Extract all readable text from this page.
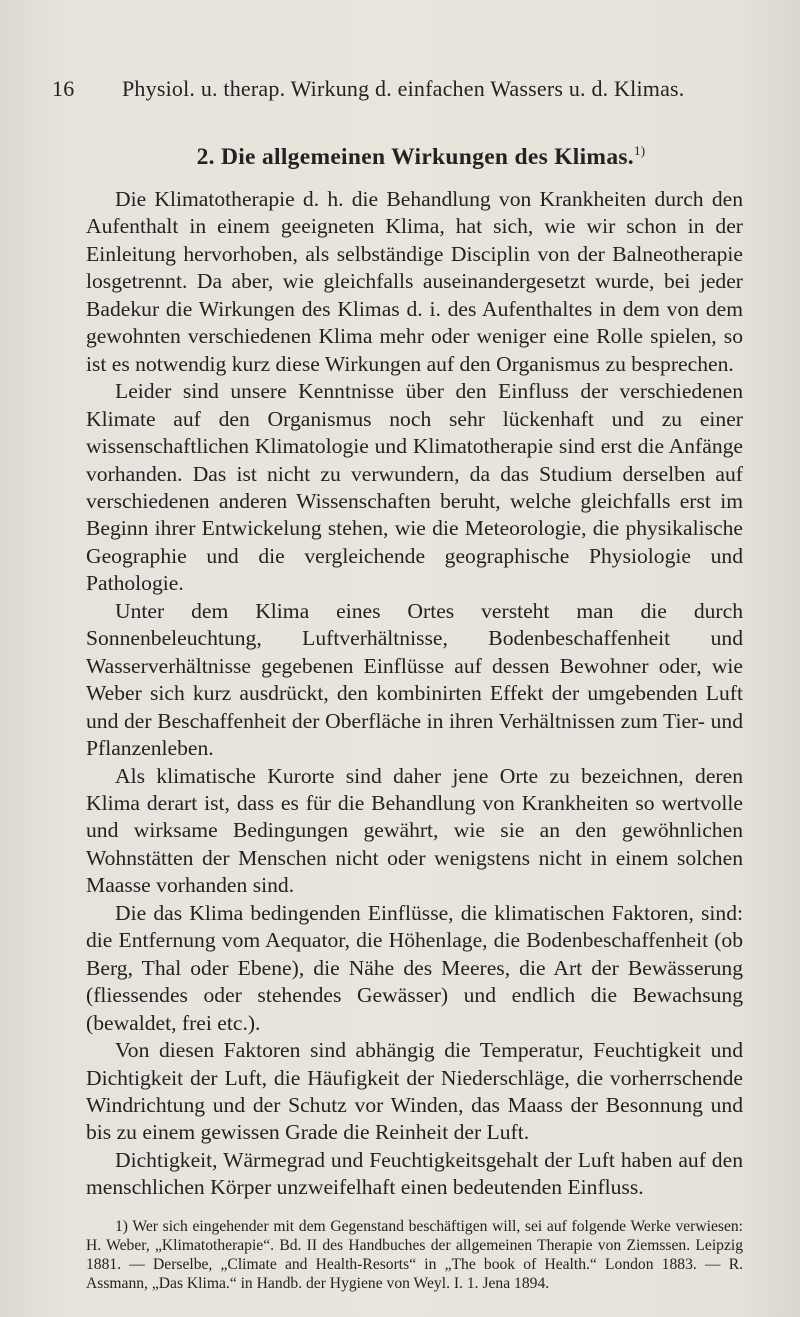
16 Physiol. u. therap. Wirkung d. einfachen Wassers u. d. Klimas.
2. Die allgemeinen Wirkungen des Klimas.$^{1)}$

Die Klimatotherapie d. h. die Behandlung von Krankheiten durch den Aufenthalt in einem geeigneten Klima, hat sich, wie wir schon in der Einleitung hervorhoben, als selbständige Disciplin von der Balneotherapie losgetrennt. Da aber, wie gleichfalls auseinandergesetzt wurde, bei jeder Badekur die Wirkungen des Klimas d. i. des Aufenthaltes in dem von dem gewohnten verschiedenen Klima mehr oder weniger eine Rolle spielen, so ist es notwendig kurz diese Wirkungen auf den Organismus zu besprechen.

Leider sind unsere Kenntnisse über den Einfluss der verschiedenen Klimate auf den Organismus noch sehr lückenhaft und zu einer wissenschaftlichen Klimatologie und Klimatotherapie sind erst die Anfänge vorhanden. Das ist nicht zu verwundern, da das Studium derselben auf verschiedenen anderen Wissenschaften beruht, welche gleichfalls erst im Beginn ihrer Entwickelung stehen, wie die Meteorologie, die physikalische Geographie und die vergleichende geographische Physiologie und Pathologie.

Unter dem Klima eines Ortes versteht man die durch Sonnenbeleuchtung, Luftverhältnisse, Bodenbeschaffenheit und Wasserverhältnisse gegebenen Einflüsse auf dessen Bewohner oder, wie Weber sich kurz ausdrückt, den kombinirten Effekt der umgebenden Luft und der Beschaffenheit der Oberfläche in ihren Verhältnissen zum Tier- und Pflanzenleben.

Als klimatische Kurorte sind daher jene Orte zu bezeichnen, deren Klima derart ist, dass es für die Behandlung von Krankheiten so wertvolle und wirksame Bedingungen gewährt, wie sie an den gewöhnlichen Wohnstätten der Menschen nicht oder wenigstens nicht in einem solchen Maasse vorhanden sind.

Die das Klima bedingenden Einflüsse, die klimatischen Faktoren, sind: die Entfernung vom Aequator, die Höhenlage, die Bodenbeschaffenheit (ob Berg, Thal oder Ebene), die Nähe des Meeres, die Art der Bewässerung (fliessendes oder stehendes Gewässer) und endlich die Bewachsung (bewaldet, frei etc.).

Von diesen Faktoren sind abhängig die Temperatur, Feuchtigkeit und Dichtigkeit der Luft, die Häufigkeit der Niederschläge, die vorherrschende Windrichtung und der Schutz vor Winden, das Maass der Besonnung und bis zu einem gewissen Grade die Reinheit der Luft.

Dichtigkeit, Wärmegrad und Feuchtigkeitsgehalt der Luft haben auf den menschlichen Körper unzweifelhaft einen bedeutenden Einfluss.

1) Wer sich eingehender mit dem Gegenstand beschäftigen will, sei auf folgende Werke verwiesen: H. Weber, „Klimatotherapie“. Bd. II des Handbuches der allgemeinen Therapie von Ziemssen. Leipzig 1881. — Derselbe, „Climate and Health-Resorts“ in „The book of Health.“ London 1883. — R. Assmann, „Das Klima.“ in Handb. der Hygiene von Weyl. I. 1. Jena 1894.
